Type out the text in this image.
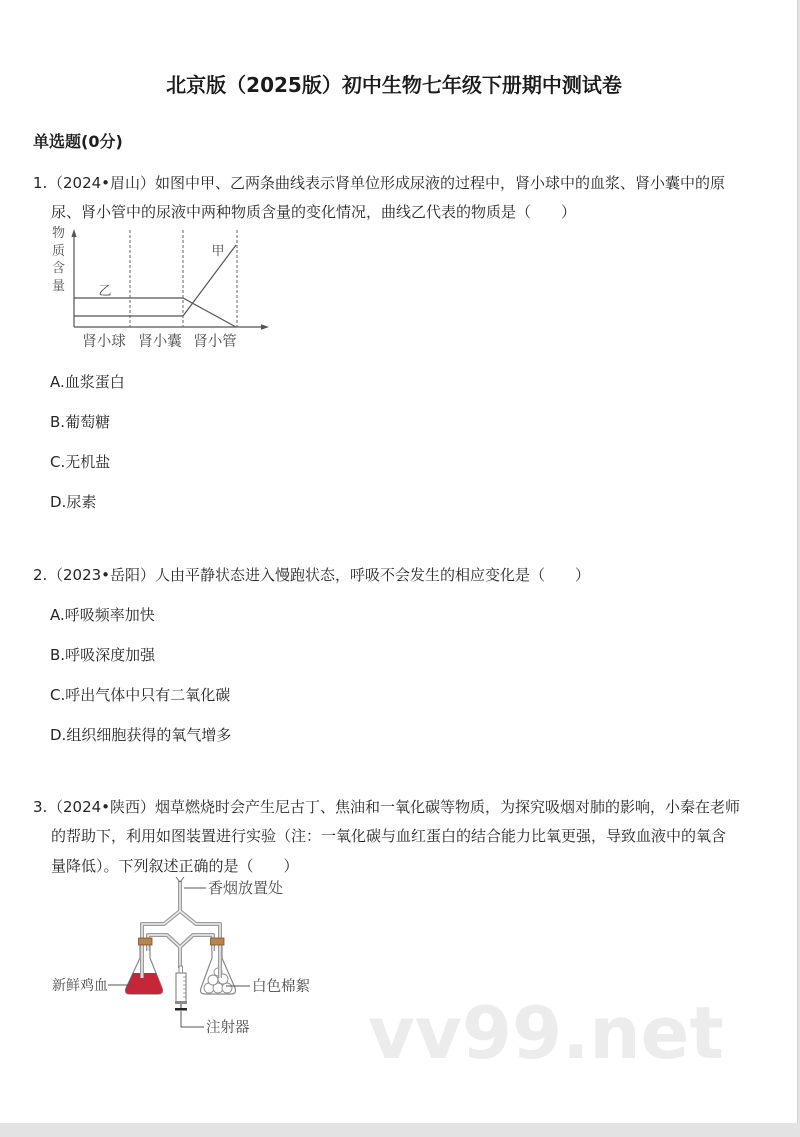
北京版（2025版）初中生物七年级下册期中测试卷
单选题(0分)
1. （2024•眉山）如图中甲、乙两条曲线表示肾单位形成尿液的过程中，肾小球中的血浆、肾小囊中的原
尿、肾小管中的尿液中两种物质含量的变化情况，曲线乙代表的物质是（　　）
物质含量
甲
乙
肾小球 肾小囊 肾小管
A.血浆蛋白
B.葡萄糖
C.无机盐
D.尿素
2. （2023•岳阳）人由平静状态进入慢跑状态，呼吸不会发生的相应变化是（　　）
A.呼吸频率加快
B.呼吸深度加强
C.呼出气体中只有二氧化碳
D.组织细胞获得的氧气增多
3. （2024•陕西）烟草燃烧时会产生尼古丁、焦油和一氧化碳等物质，为探究吸烟对肺的影响，小秦在老师
的帮助下，利用如图装置进行实验（注：一氧化碳与血红蛋白的结合能力比氧更强，导致血液中的氧含
量降低）。下列叙述正确的是（　　）
香烟放置处
新鲜鸡血	白色棉絮
注射器 vv99.net
